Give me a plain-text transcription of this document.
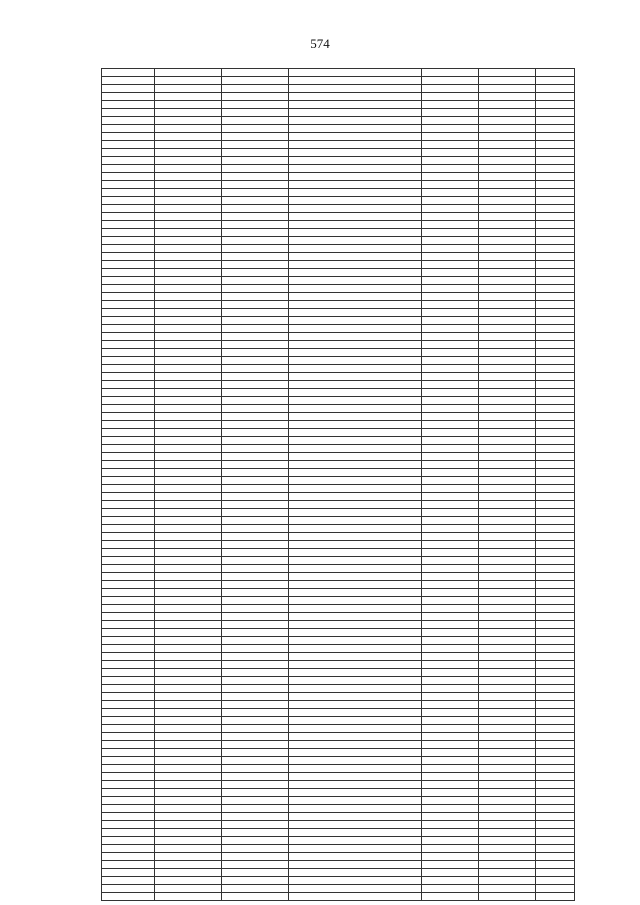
574
